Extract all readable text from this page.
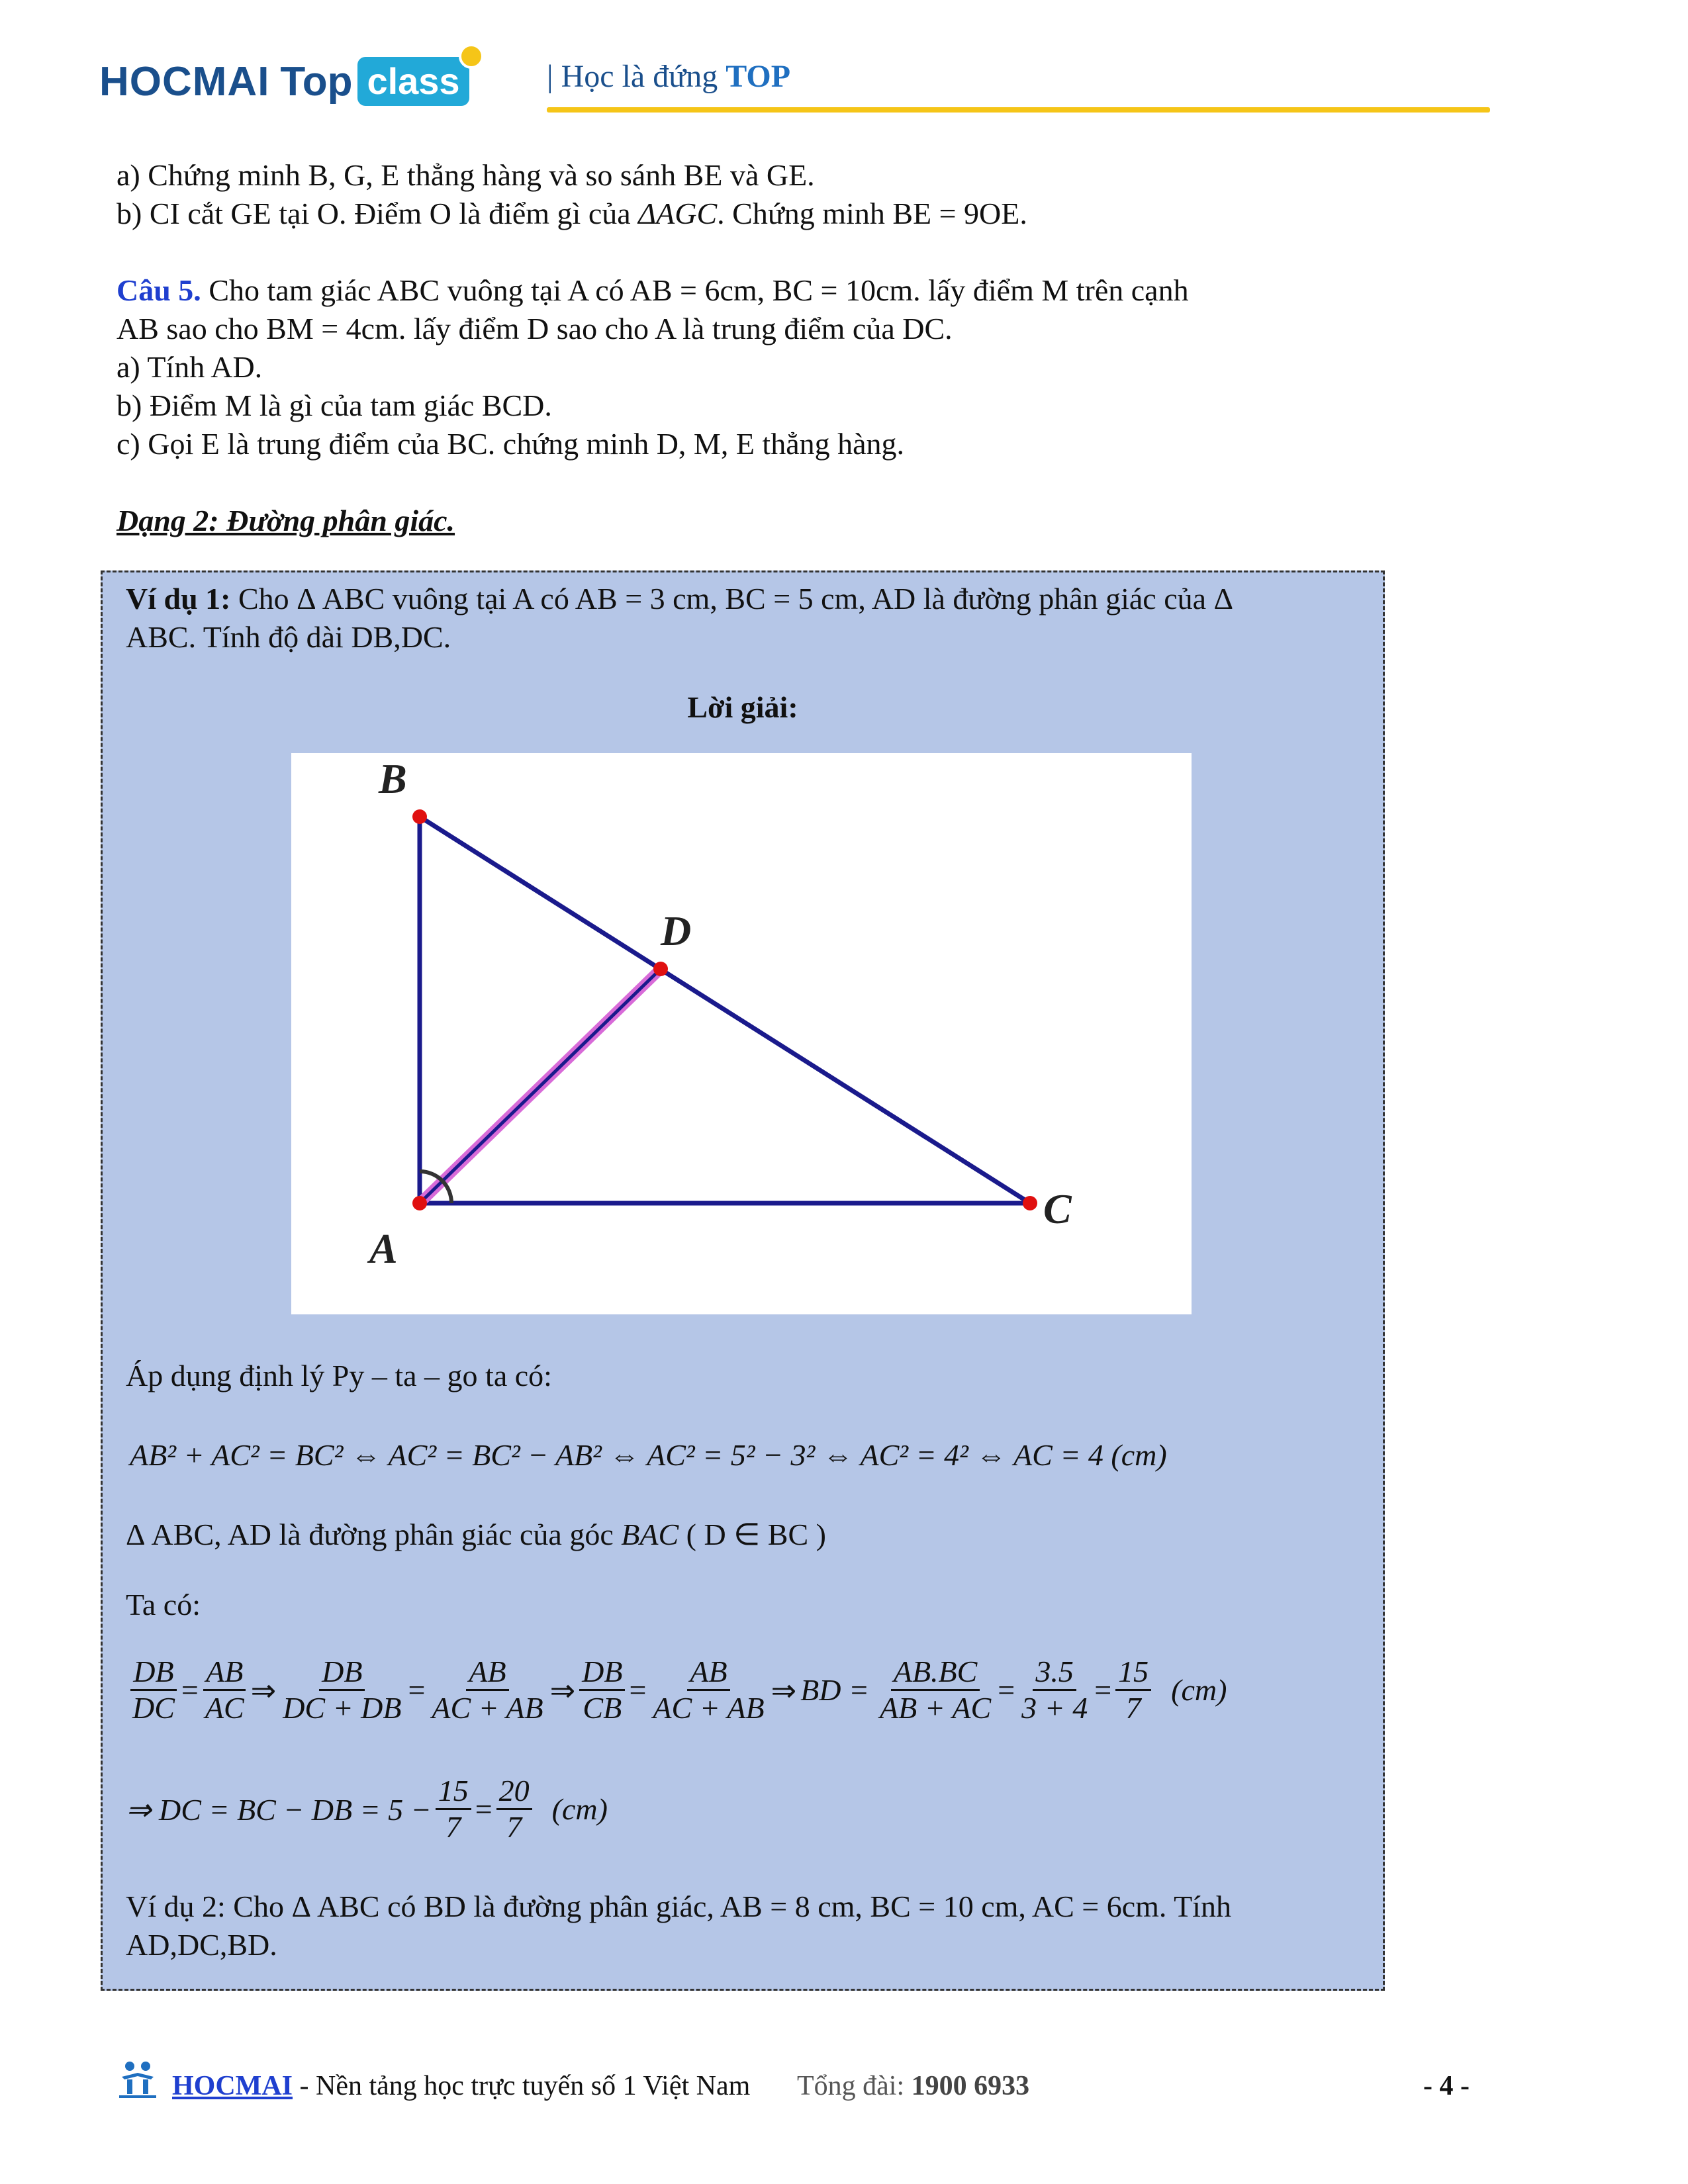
HOCMAI Top class	| Học là đứng TOP
a) Chứng minh B, G, E thẳng hàng và so sánh BE và GE.
b) CI cắt GE tại O. Điểm O là điểm gì của ΔAGC. Chứng minh BE = 9OE.
Câu 5. Cho tam giác ABC vuông tại A có AB = 6cm, BC = 10cm. lấy điểm M trên cạnh
AB sao cho BM = 4cm. lấy điểm D sao cho A là trung điểm của DC.
a) Tính AD.
b) Điểm M là gì của tam giác BCD.
c) Gọi E là trung điểm của BC. chứng minh D, M, E thẳng hàng.
Dạng 2: Đường phân giác.
Ví dụ 1: Cho Δ ABC vuông tại A có AB = 3 cm, BC = 5 cm, AD là đường phân giác của Δ
ABC. Tính độ dài DB,DC.
Lời giải:
B
D
A
C
Áp dụng định lý Py – ta – go ta có:
AB² + AC² = BC² ⇔ AC² = BC² − AB² ⇔ AC² = 5² − 3² ⇔ AC² = 4² ⇔ AC = 4 (cm)
Δ ABC, AD là đường phân giác của góc BAC ( D ∈ BC )
Ta có:
$\frac{DB}{DC} = \frac{AB}{AC}$ ⇒ $\frac{DB}{DC + DB} = \frac{AB}{AC + AB}$ ⇒ $\frac{DB}{CB} = \frac{AB}{AC + AB}$ ⇒ BD = $\frac{AB.BC}{AB + AC} = \frac{3.5}{3 + 4} = \frac{15}{7} (cm)$
⇒ DC = BC − DB = $5 - \frac{15}{7} = \frac{20}{7} (cm)$
Ví dụ 2: Cho Δ ABC có BD là đường phân giác, AB = 8 cm, BC = 10 cm, AC = 6cm. Tính
AD,DC,BD.
HOCMAI - Nền tảng học trực tuyến số 1 Việt Nam Tổng đài: 1900 6933	- 4 -
